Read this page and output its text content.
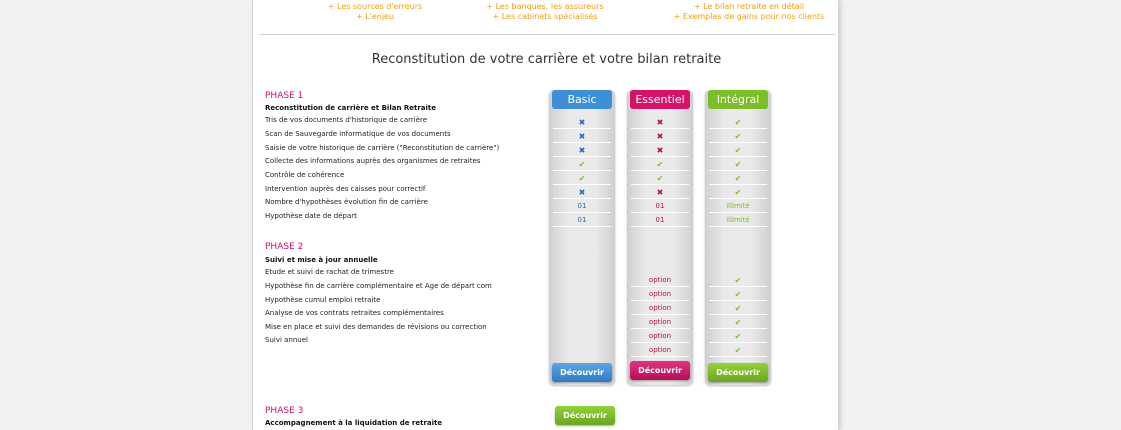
+ Les sources d'erreurs
+ L'enjeu
+ Les banques, les assureurs
+ Les cabinets spécialisés
+ Le bilan retraite en détail
+ Exemples de gains pour nos clients
Reconstitution de votre carrière et votre bilan retraite
PHASE 1
Reconstitution de carrière et Bilan Retraite
Tris de vos documents d'historique de carrière
Scan de Sauvegarde informatique de vos documents
Saisie de votre historique de carrière ("Reconstitution de carrière")
Collecte des informations auprès des organismes de retraites
Contrôle de cohérence
Intervention auprès des caisses pour correctif
Nombre d'hypothèses évolution fin de carrière
Hypothèse date de départ
PHASE 2
Suivi et mise à jour annuelle
Etude et suivi de rachat de trimestre
Hypothèse fin de carrière complémentaire et Age de départ com
Hypothèse cumul emploi retraite
Analyse de vos contrats retraites complémentaires
Mise en place et suivi des demandes de révisions ou correction
Suivi annuel
PHASE 3
Accompagnement à la liquidation de retraite
Basic
✖
✖
✖
✔
✔
✖
01
01
Découvrir
Essentiel
✖
✖
✖
✔
✔
✖
01
01
option
option
option
option
option
option
Découvrir
Intégral
✔
✔
✔
✔
✔
✔
illimité
illimité
✔
✔
✔
✔
✔
✔
Découvrir
Découvrir
